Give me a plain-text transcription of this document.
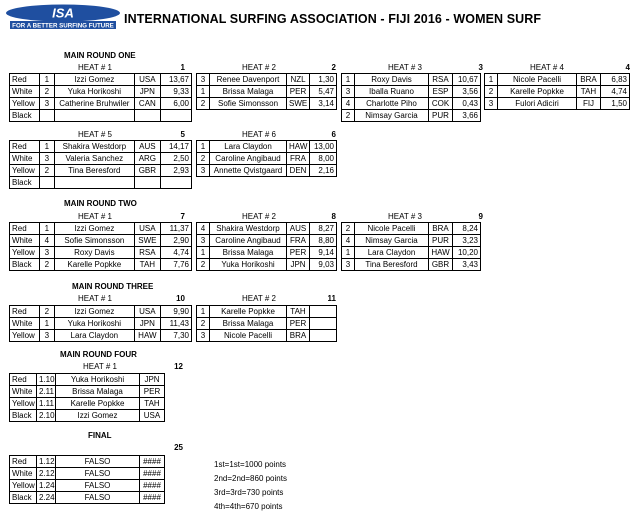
ISA
FOR A BETTER SURFING FUTURE INTERNATIONAL SURFING ASSOCIATION - FIJI 2016 - WOMEN SURF
MAIN ROUND ONE
MAIN ROUND TWO
MAIN ROUND THREE
MAIN ROUND FOUR
FINAL
HEAT # 1	1
Red	1	Izzi Gomez	USA	13,67
White	2	Yuka Horikoshi	JPN	9,33
Yellow	3	Catherine Bruhwiler	CAN	6,00
Black				
HEAT # 2	2
3	Renee Davenport	NZL	1,30
1	Brissa Malaga	PER	5,47
2	Sofie Simonsson	SWE	3,14
HEAT # 3	3
1	Roxy Davis	RSA	10,67
3	Iballa Ruano	ESP	3,56
4	Charlotte Piho	COK	0,43
2	Nimsay Garcia	PUR	3,66
HEAT # 4	4
1	Nicole Pacelli	BRA	6,83
2	Karelle Popkke	TAH	4,74
3	Fulori Adiciri	FIJ	1,50
HEAT # 5	5
Red	1	Shakira Westdorp	AUS	14,17
White	3	Valeria Sanchez	ARG	2,50
Yellow	2	Tina Beresford	GBR	2,93
Black				
HEAT # 6	6
1	Lara Claydon	HAW	13,00
2	Caroline Angibaud	FRA	8,00
3	Annette Qvistgaard	DEN	2,16
HEAT # 1	7
Red	1	Izzi Gomez	USA	11,37
White	4	Sofie Simonsson	SWE	2,90
Yellow	3	Roxy Davis	RSA	4,74
Black	2	Karelle Popkke	TAH	7,76
HEAT # 2	8
4	Shakira Westdorp	AUS	8,27
3	Caroline Angibaud	FRA	8,80
1	Brissa Malaga	PER	9,14
2	Yuka Horikoshi	JPN	9,03
HEAT # 3	9
2	Nicole Pacelli	BRA	8,24
4	Nimsay Garcia	PUR	3,23
1	Lara Claydon	HAW	10,20
3	Tina Beresford	GBR	3,43
HEAT # 1	10
Red	2	Izzi Gomez	USA	9,90
White	1	Yuka Horikoshi	JPN	11,43
Yellow	3	Lara Claydon	HAW	7,30
HEAT # 2	11
1	Karelle Popkke	TAH	
2	Brissa Malaga	PER	
3	Nicole Pacelli	BRA	
HEAT # 1	12
Red	1.10	Yuka Horikoshi	JPN
White	2.11	Brissa Malaga	PER
Yellow	1.11	Karelle Popkke	TAH
Black	2.10	Izzi Gomez	USA
25
Red	1.12	FALSO	####
White	2.12	FALSO	####
Yellow	1.24	FALSO	####
Black	2.24	FALSO	####
1st=1st=1000 points
2nd=2nd=860 points
3rd=3rd=730 points
4th=4th=670 points
